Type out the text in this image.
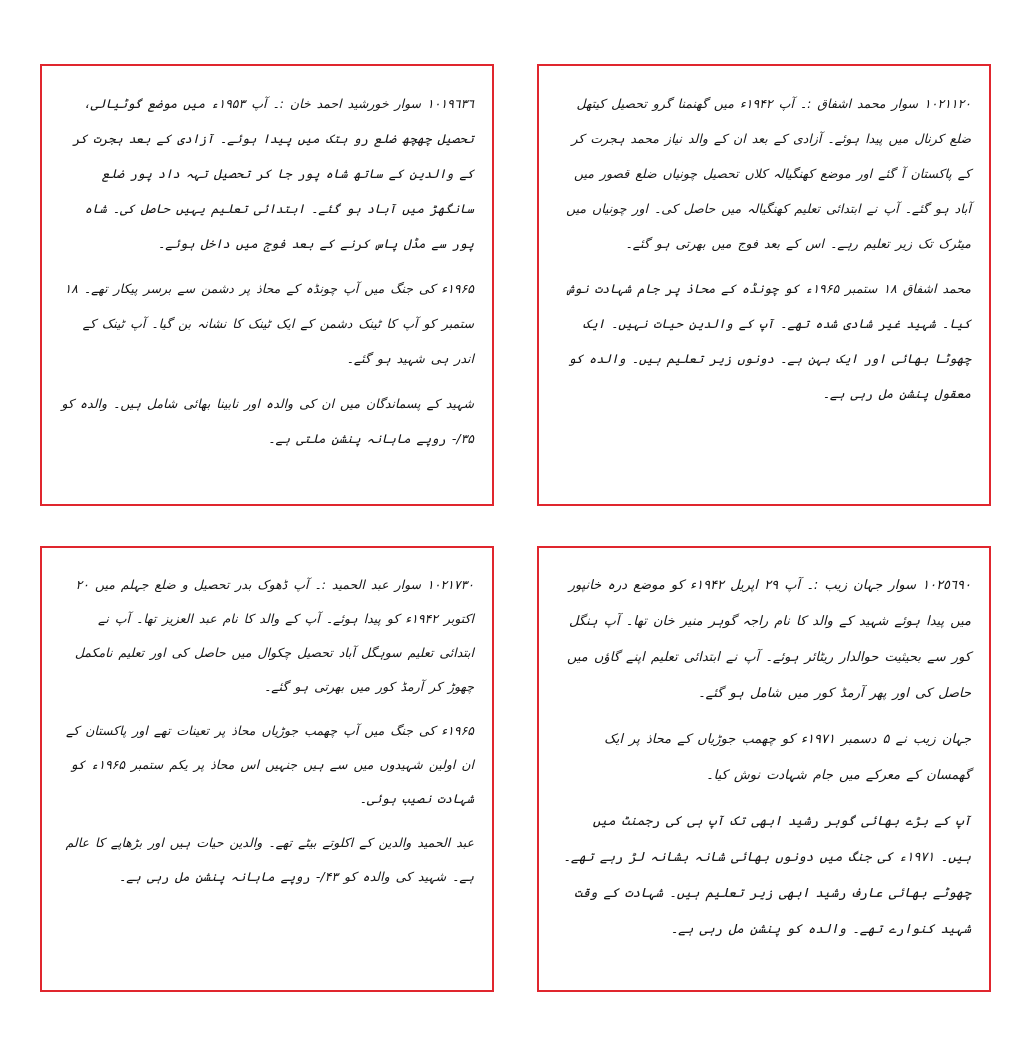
١٠١٩٦٣٦ سوار خورشید احمد خان :۔ آپ ۱۹۵۳ء میں موضع گوٹیالی، تحصیل چھچھ ضلع رو ہتک میں پیدا ہوئے۔ آزادی کے بعد ہجرت کر کے والدین کے ساتھ شاہ پور جا کر تحصیل تہہ داد پور ضلع سانگھڑ میں آباد ہو گئے۔ ابتدائی تعلیم یہیں حاصل کی۔ شاہ پور سے مڈل پاس کرنے کے بعد فوج میں داخل ہوئے۔

۱۹۶۵ء کی جنگ میں آپ چونڈہ کے محاذ پر دشمن سے برسر پیکار تھے۔ ۱۸ ستمبر کو آپ کا ٹینک دشمن کے ایک ٹینک کا نشانہ بن گیا۔ آپ ٹینک کے اندر ہی شہید ہو گئے۔

شہید کے پسماندگان میں ان کی والدہ اور نابینا بھائی شامل ہیں۔ والدہ کو ۳۵/- روپے ماہانہ پنشن ملتی ہے۔

١٠٢١١٢٠ سوار محمد اشفاق :۔ آپ ۱۹۴۲ء میں گھنمنا گرو تحصیل کیتھل ضلع کرنال میں پیدا ہوئے۔ آزادی کے بعد ان کے والد نیاز محمد ہجرت کر کے پاکستان آ گئے اور موضع کھنگیالہ کلاں تحصیل چونیاں ضلع قصور میں آباد ہو گئے۔ آپ نے ابتدائی تعلیم کھنگیالہ میں حاصل کی۔ اور چونیاں میں میٹرک تک زیر تعلیم رہے۔ اس کے بعد فوج میں بھرتی ہو گئے۔

محمد اشفاق ۱۸ ستمبر ۱۹۶۵ء کو چونڈہ کے محاذ پر جام شہادت نوش کیا۔ شہید غیر شادی شدہ تھے۔ آپ کے والدین حیات نہیں۔ ایک چھوٹا بھائی اور ایک بہن ہے۔ دونوں زیر تعلیم ہیں۔ والدہ کو معقول پنشن مل رہی ہے۔

١٠٢١٧٣٠ سوار عبد الحمید :۔ آپ ڈھوک بدر تحصیل و ضلع جہلم میں ۲۰ اکتوبر ۱۹۴۲ء کو پیدا ہوئے۔ آپ کے والد کا نام عبد العزیز تھا۔ آپ نے ابتدائی تعلیم سوہگل آباد تحصیل چکوال میں حاصل کی اور تعلیم نامکمل چھوڑ کر آرمڈ کور میں بھرتی ہو گئے۔

۱۹۶۵ء کی جنگ میں آپ چھمب جوڑیاں محاذ پر تعینات تھے اور پاکستان کے ان اولین شہیدوں میں سے ہیں جنہیں اس محاذ پر یکم ستمبر ۱۹۶۵ء کو شہادت نصیب ہوئی۔

عبد الحمید والدین کے اکلوتے بیٹے تھے۔ والدین حیات ہیں اور بڑھاپے کا عالم ہے۔ شہید کی والدہ کو ۴۳/- روپے ماہانہ پنشن مل رہی ہے۔

١٠٢٥٦٩٠ سوار جہان زیب :۔ آپ ۲۹ اپریل ۱۹۴۲ء کو موضع درہ خانپور میں پیدا ہوئے شہید کے والد کا نام راجہ گوہر منیر خان تھا۔ آپ ہنگل کور سے بحیثیت حوالدار ریٹائر ہوئے۔ آپ نے ابتدائی تعلیم اپنے گاؤں میں حاصل کی اور پھر آرمڈ کور میں شامل ہو گئے۔

جہان زیب نے ۵ دسمبر ۱۹۷۱ء کو چھمب جوڑیاں کے محاذ پر ایک گھمسان کے معرکے میں جام شہادت نوش کیا۔

آپ کے بڑے بھائی گوہر رشید ابھی تک آپ ہی کی رجمنٹ میں ہیں۔ ۱۹۷۱ء کی جنگ میں دونوں بھائی شانہ بشانہ لڑ رہے تھے۔ چھوٹے بھائی عارف رشید ابھی زیر تعلیم ہیں۔ شہادت کے وقت شہید کنوارے تھے۔ والدہ کو پنشن مل رہی ہے۔
